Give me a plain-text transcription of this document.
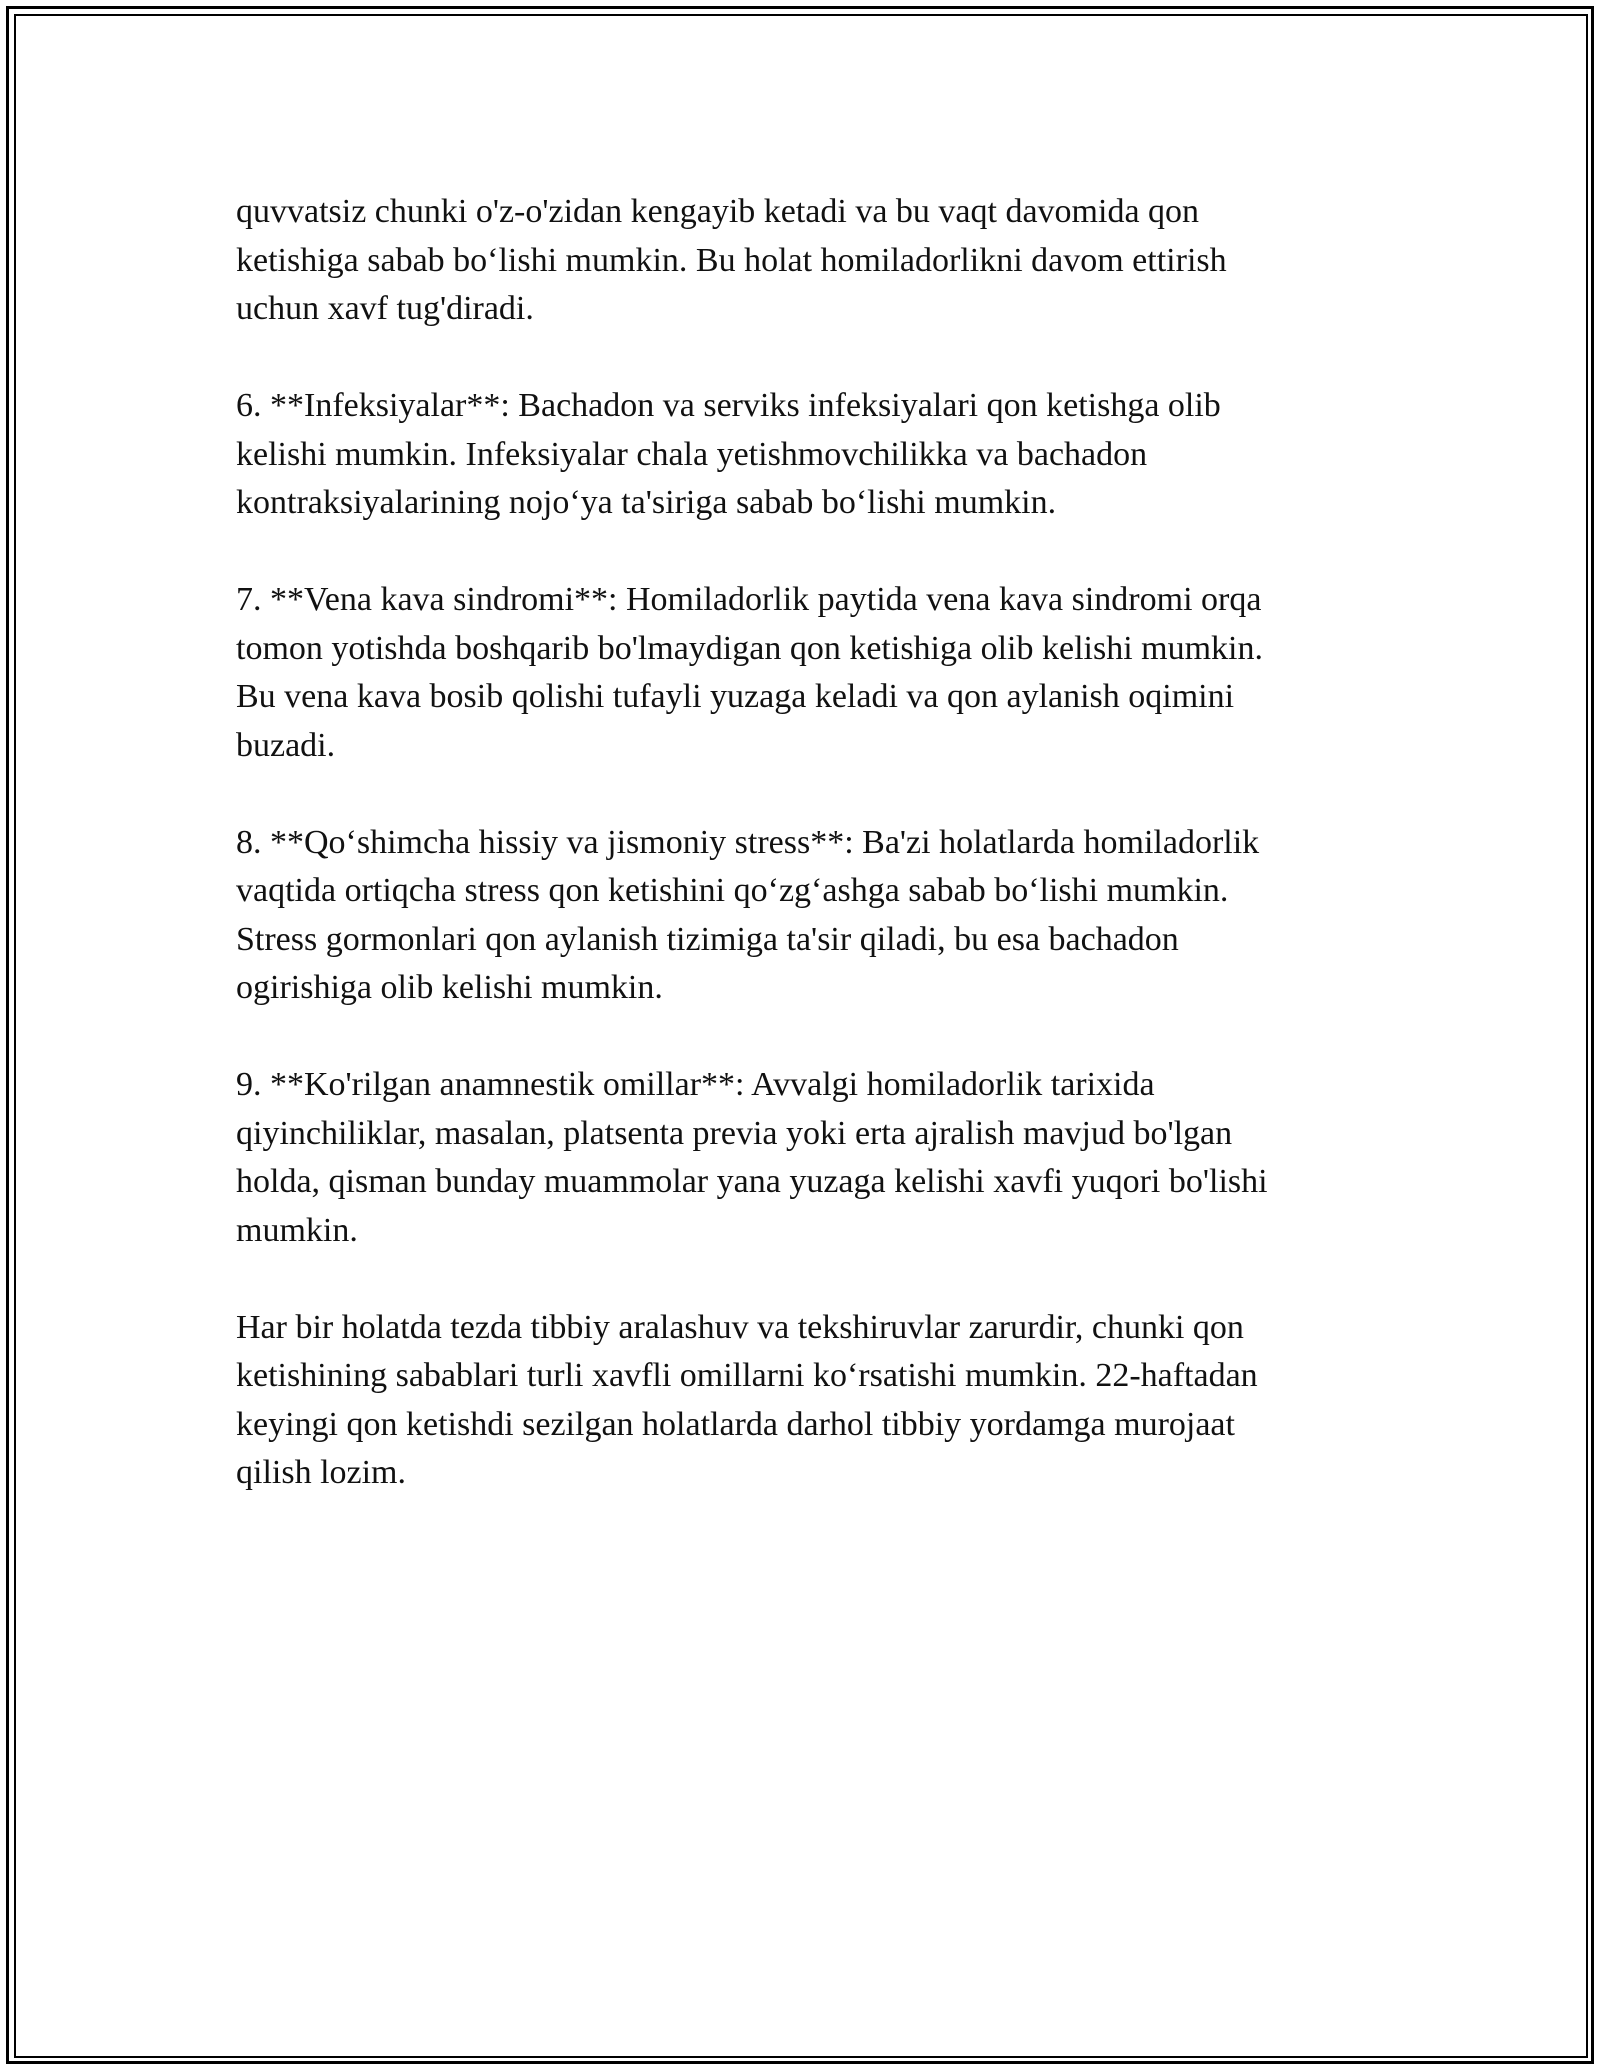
quvvatsiz chunki o'z-o'zidan kengayib ketadi va bu vaqt davomida qon
ketishiga sabab bo‘lishi mumkin. Bu holat homiladorlikni davom ettirish
uchun xavf tug'diradi.

6. **Infeksiyalar**: Bachadon va serviks infeksiyalari qon ketishga olib
kelishi mumkin. Infeksiyalar chala yetishmovchilikka va bachadon
kontraksiyalarining nojo‘ya ta'siriga sabab bo‘lishi mumkin.

7. **Vena kava sindromi**: Homiladorlik paytida vena kava sindromi orqa
tomon yotishda boshqarib bo'lmaydigan qon ketishiga olib kelishi mumkin.
Bu vena kava bosib qolishi tufayli yuzaga keladi va qon aylanish oqimini
buzadi.

8. **Qo‘shimcha hissiy va jismoniy stress**: Ba'zi holatlarda homiladorlik
vaqtida ortiqcha stress qon ketishini qo‘zg‘ashga sabab bo‘lishi mumkin.
Stress gormonlari qon aylanish tizimiga ta'sir qiladi, bu esa bachadon
ogirishiga olib kelishi mumkin.

9. **Ko'rilgan anamnestik omillar**: Avvalgi homiladorlik tarixida
qiyinchiliklar, masalan, platsenta previa yoki erta ajralish mavjud bo'lgan
holda, qisman bunday muammolar yana yuzaga kelishi xavfi yuqori bo'lishi
mumkin.

Har bir holatda tezda tibbiy aralashuv va tekshiruvlar zarurdir, chunki qon
ketishining sabablari turli xavfli omillarni ko‘rsatishi mumkin. 22-haftadan
keyingi qon ketishdi sezilgan holatlarda darhol tibbiy yordamga murojaat
qilish lozim.
